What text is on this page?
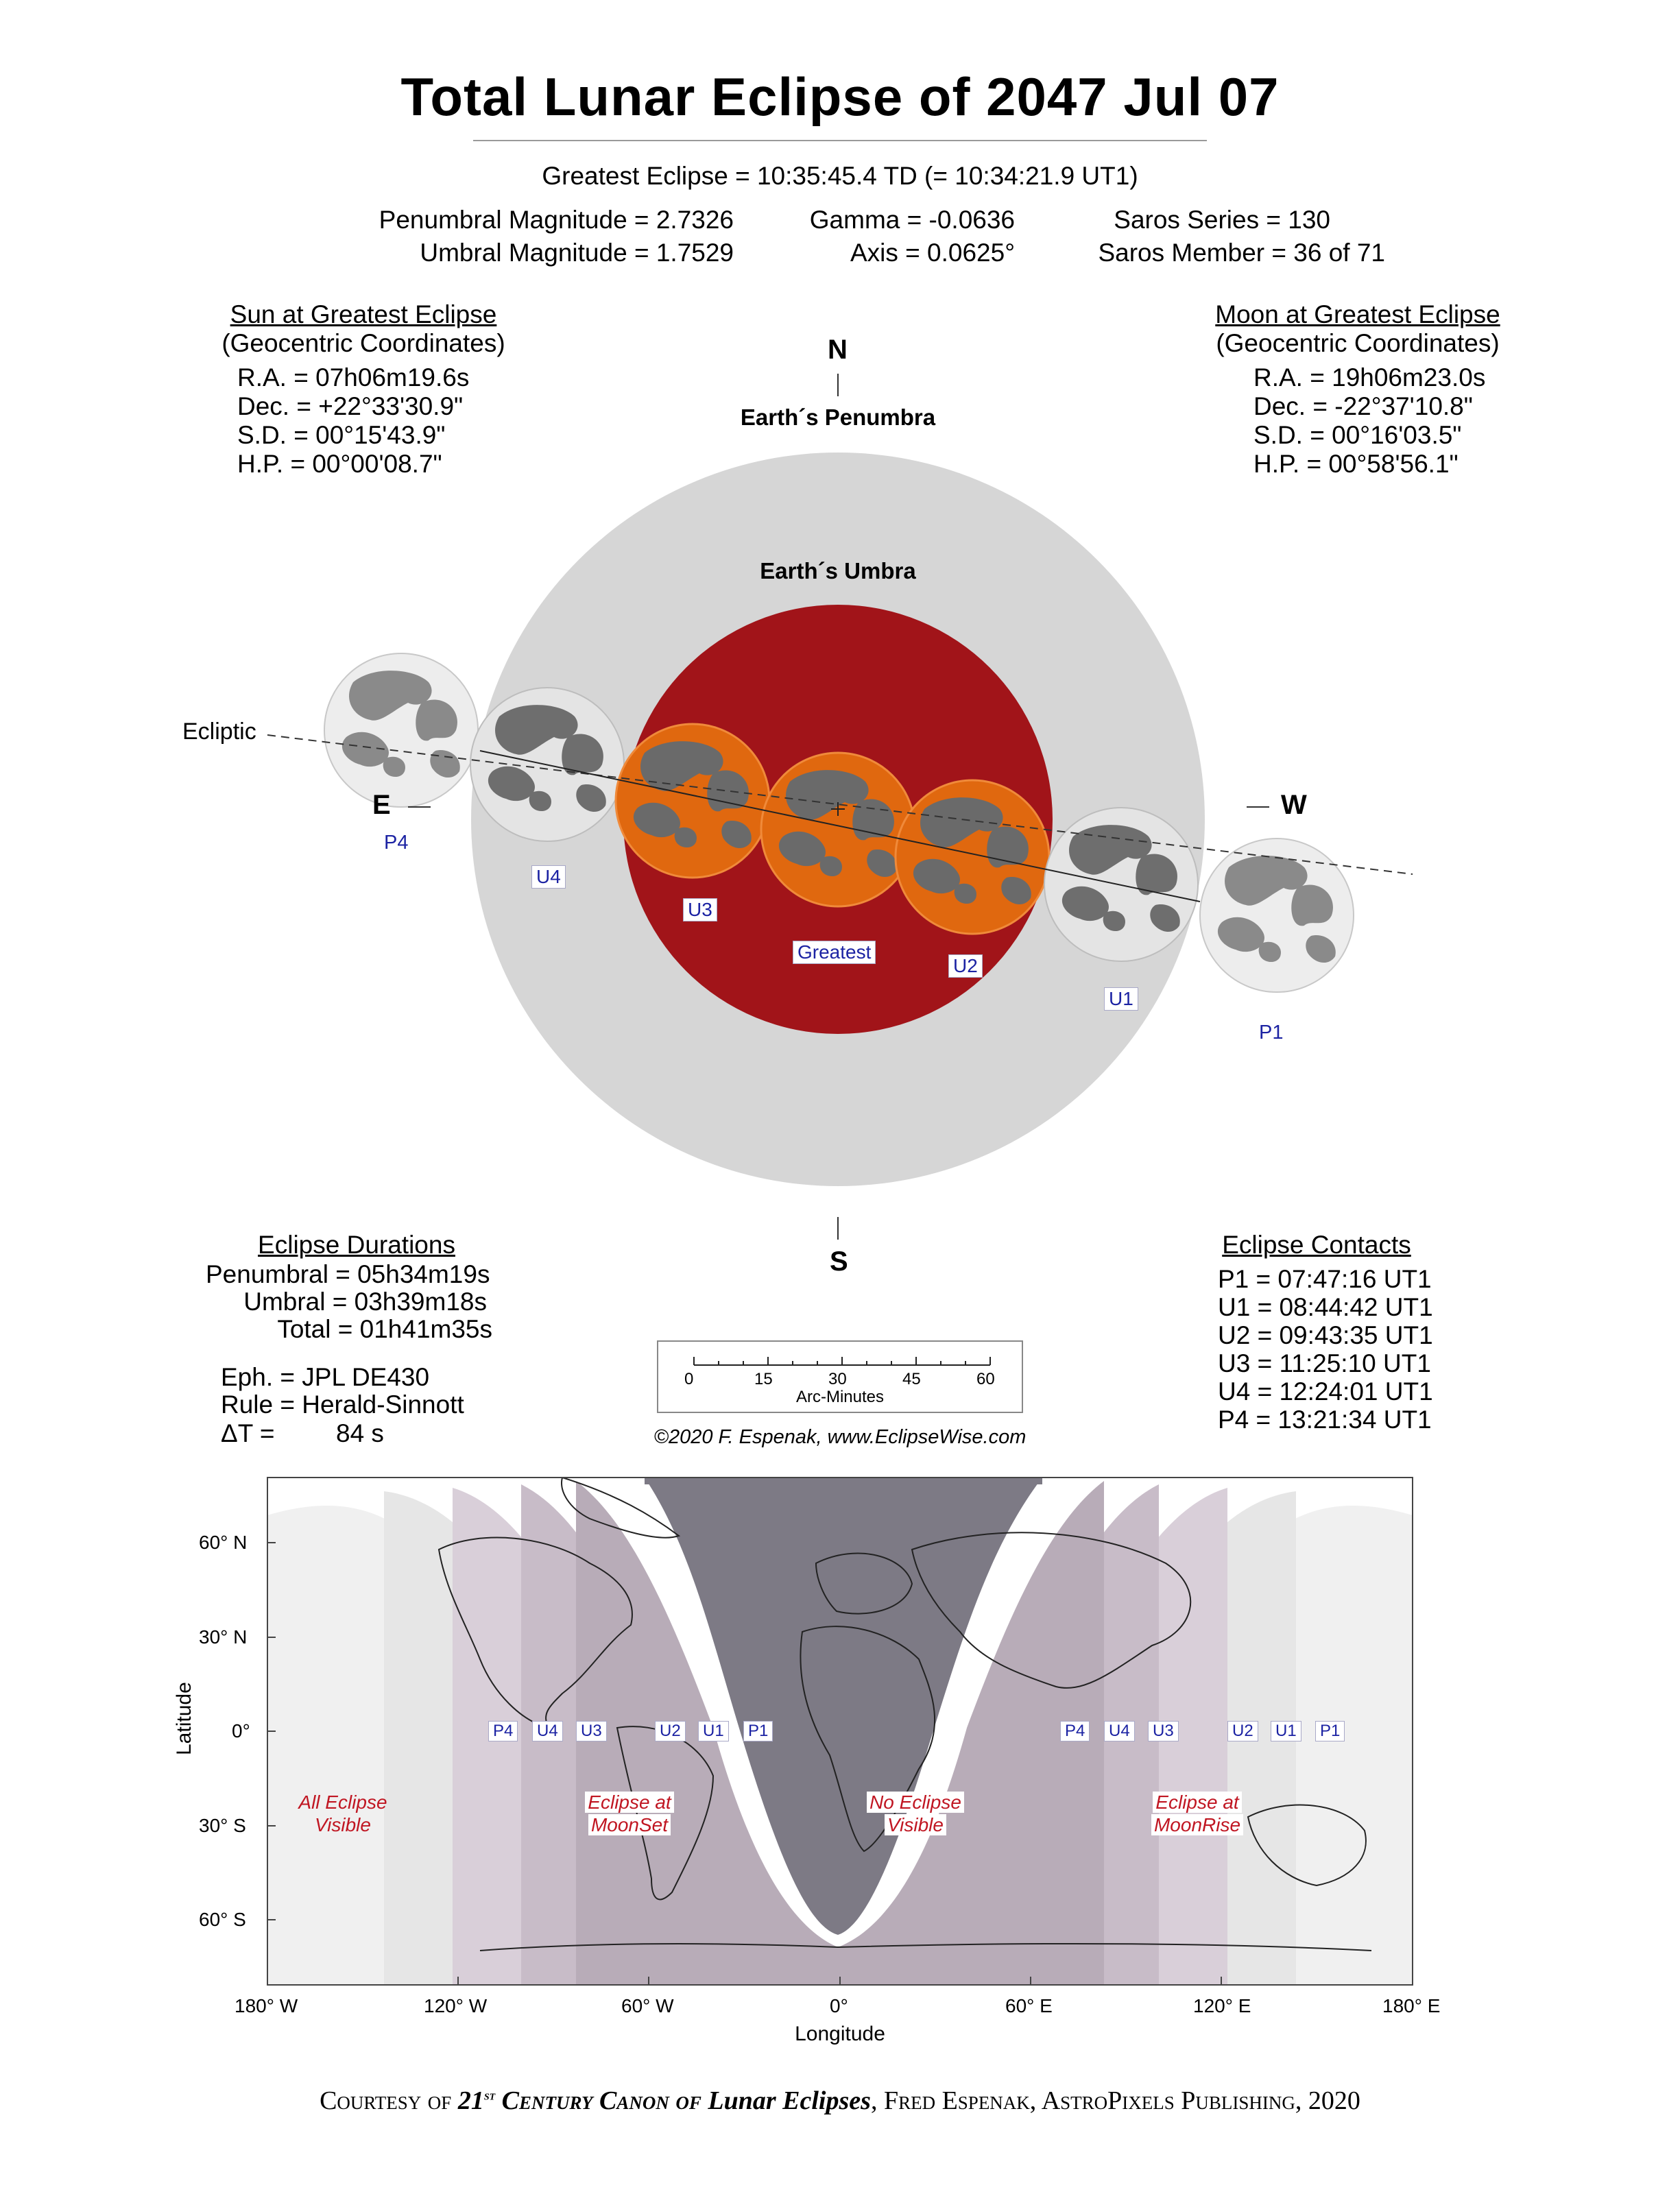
Total Lunar Eclipse of 2047 Jul 07
Greatest Eclipse = 10:35:45.4 TD (= 10:34:21.9 UT1)
Penumbral Magnitude = 2.7326
Umbral Magnitude = 1.7529
Gamma = -0.0636
Axis = 0.0625°
Saros Series = 130
Saros Member = 36 of 71
Sun at Greatest Eclipse
(Geocentric Coordinates)
R.A. = 07h06m19.6s
Dec. = +22°33'30.9"
S.D. = 00°15'43.9"
H.P. = 00°00'08.7"
Moon at Greatest Eclipse
(Geocentric Coordinates)
R.A. = 19h06m23.0s
Dec. = -22°37'10.8"
S.D. = 00°16'03.5"
H.P. = 00°58'56.1"
N
S
E	W
Earth´s Penumbra
Earth´s Umbra
Ecliptic
P4
U4
U3
Greatest
U2
U1
P1
Eclipse Durations
Penumbral = 05h34m19s
Umbral = 03h39m18s
Total = 01h41m35s
Eph. = JPL DE430
Rule = Herald-Sinnott
ΔT = 84 s
0	15	30	45	60
Arc-Minutes
©2020 F. Espenak, www.EclipseWise.com
Eclipse Contacts
P1 = 07:47:16 UT1
U1 = 08:44:42 UT1
U2 = 09:43:35 UT1
U3 = 11:25:10 UT1
U4 = 12:24:01 UT1
P4 = 13:21:34 UT1
60° N
30° N
0°
30° S
60° S
Latitude
180° W	120° W	60° W	0°	60° E	120° E	180° E
Longitude
P4 U4 U3	U2 U1 P1	P4 U4 U3	U2 U1 P1
All Eclipse
Visible
Eclipse at
MoonSet
No Eclipse
Visible
Eclipse at
MoonRise
Courtesy of 21st Century Canon of Lunar Eclipses, Fred Espenak, AstroPixels Publishing, 2020
